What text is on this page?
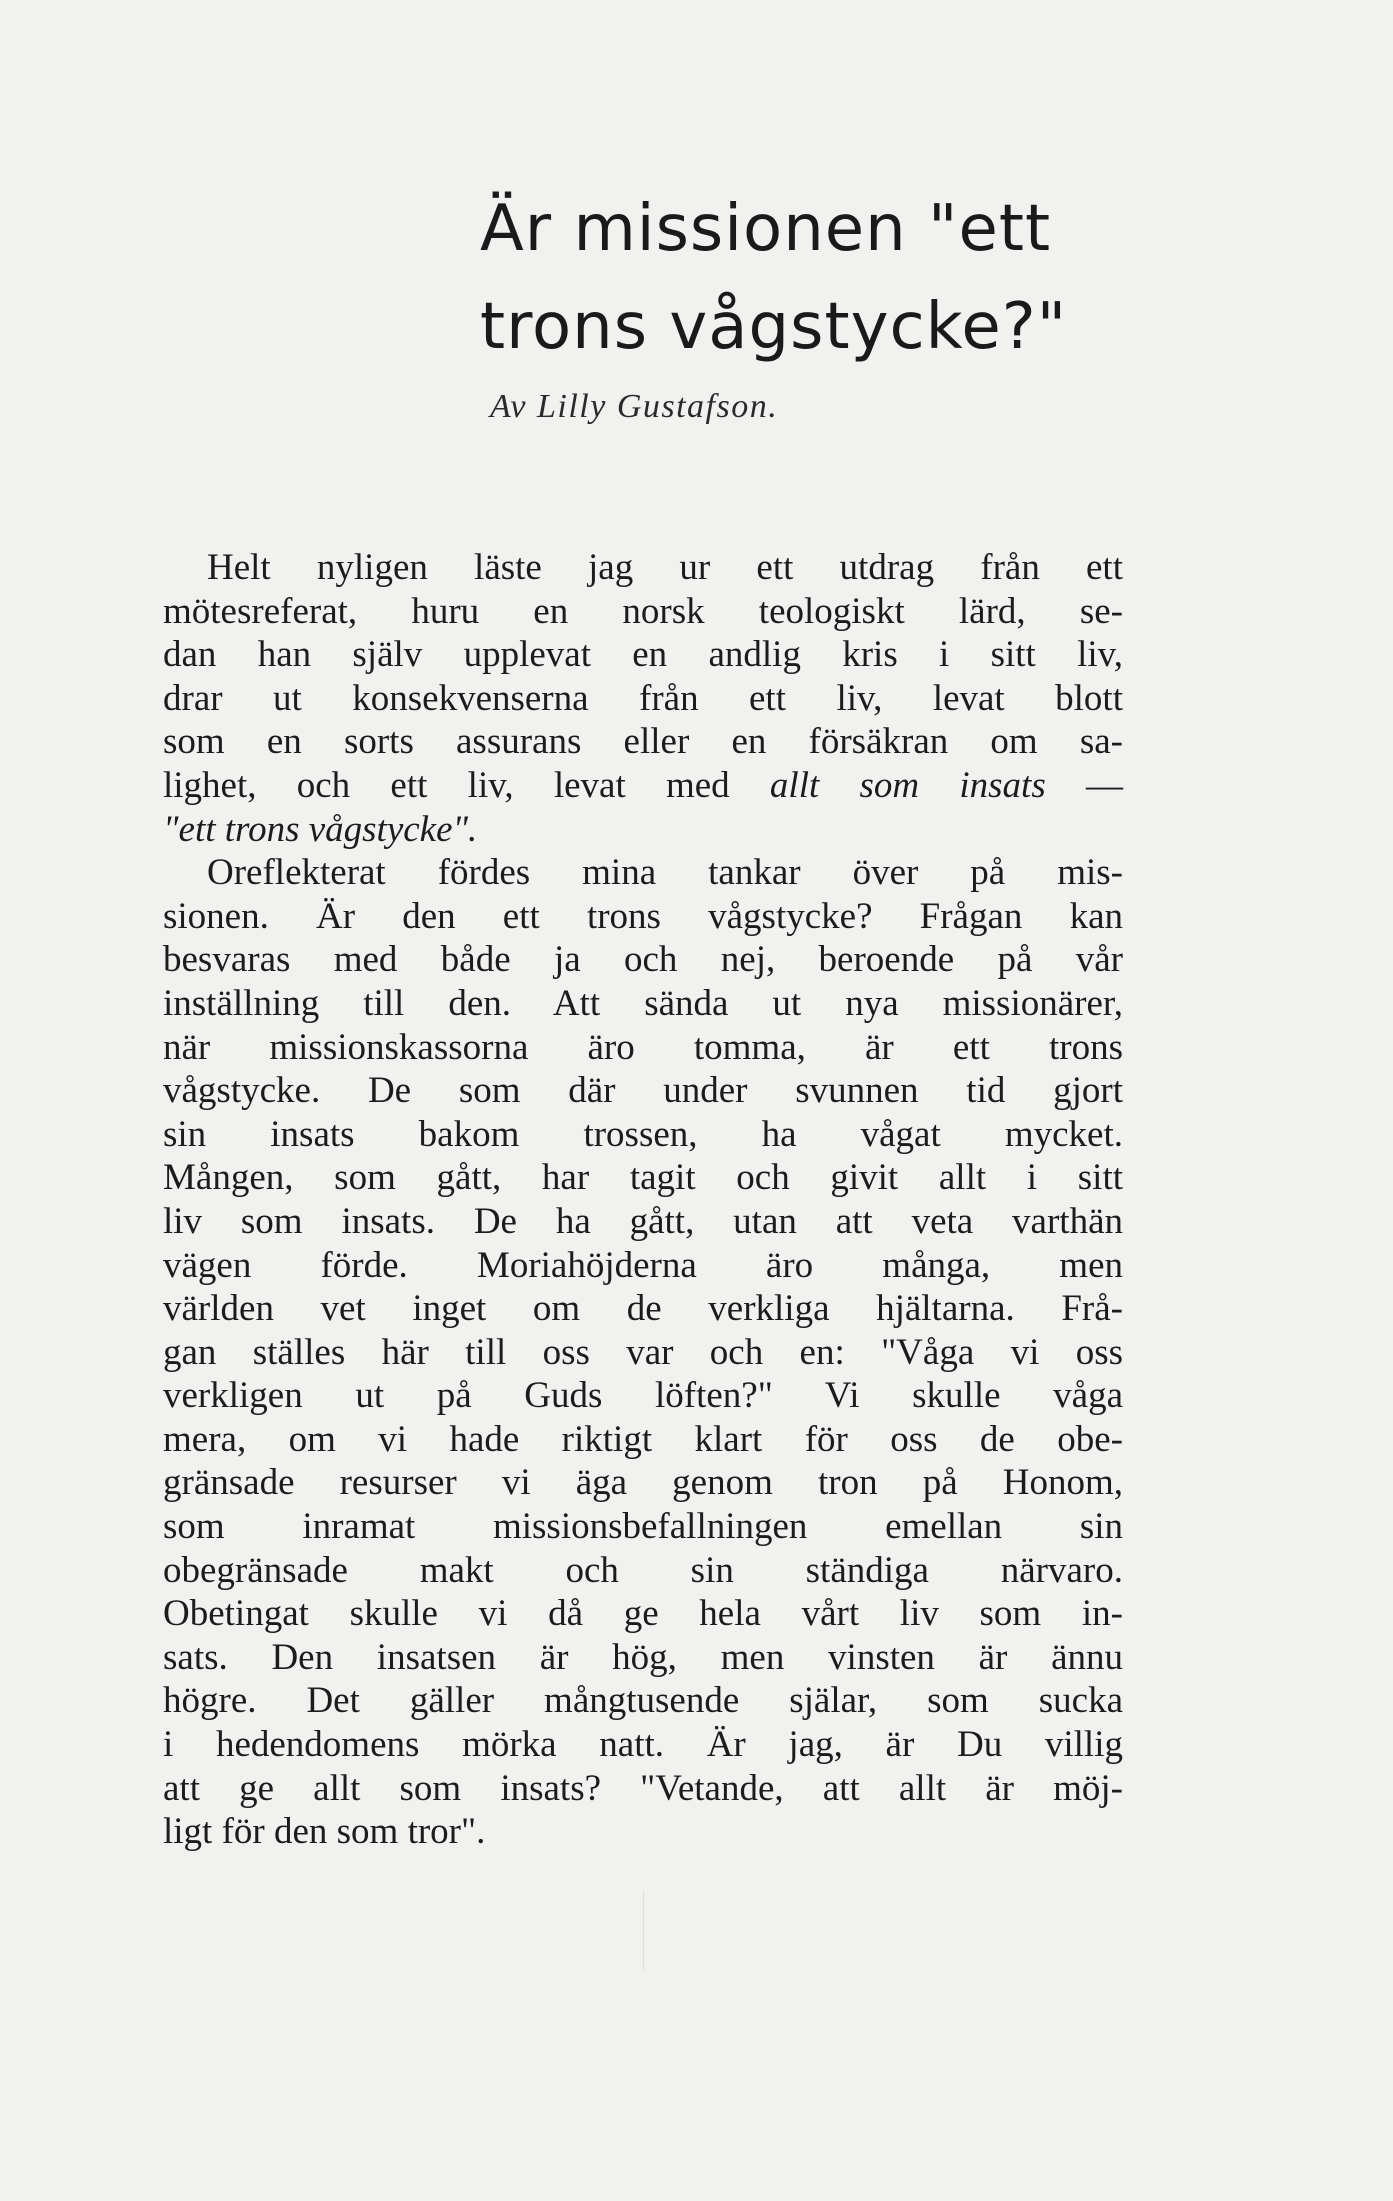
Är missionen "ett
trons vågstycke?"
Av Lilly Gustafson.
Helt nyligen läste jag ur ett utdrag från ett
mötesreferat, huru en norsk teologiskt lärd, se-
dan han själv upplevat en andlig kris i sitt liv,
drar ut konsekvenserna från ett liv, levat blott
som en sorts assurans eller en försäkran om sa-
lighet, och ett liv, levat med allt som insats —
"ett trons vågstycke".
Oreflekterat fördes mina tankar över på mis-
sionen. Är den ett trons vågstycke? Frågan kan
besvaras med både ja och nej, beroende på vår
inställning till den. Att sända ut nya missionärer,
när missionskassorna äro tomma, är ett trons
vågstycke. De som där under svunnen tid gjort
sin insats bakom trossen, ha vågat mycket.
Mången, som gått, har tagit och givit allt i sitt
liv som insats. De ha gått, utan att veta varthän
vägen förde. Moriahöjderna äro många, men
världen vet inget om de verkliga hjältarna. Frå-
gan ställes här till oss var och en: "Våga vi oss
verkligen ut på Guds löften?" Vi skulle våga
mera, om vi hade riktigt klart för oss de obe-
gränsade resurser vi äga genom tron på Honom,
som inramat missionsbefallningen emellan sin
obegränsade makt och sin ständiga närvaro.
Obetingat skulle vi då ge hela vårt liv som in-
sats. Den insatsen är hög, men vinsten är ännu
högre. Det gäller mångtusende själar, som sucka
i hedendomens mörka natt. Är jag, är Du villig
att ge allt som insats? "Vetande, att allt är möj-
ligt för den som tror".
